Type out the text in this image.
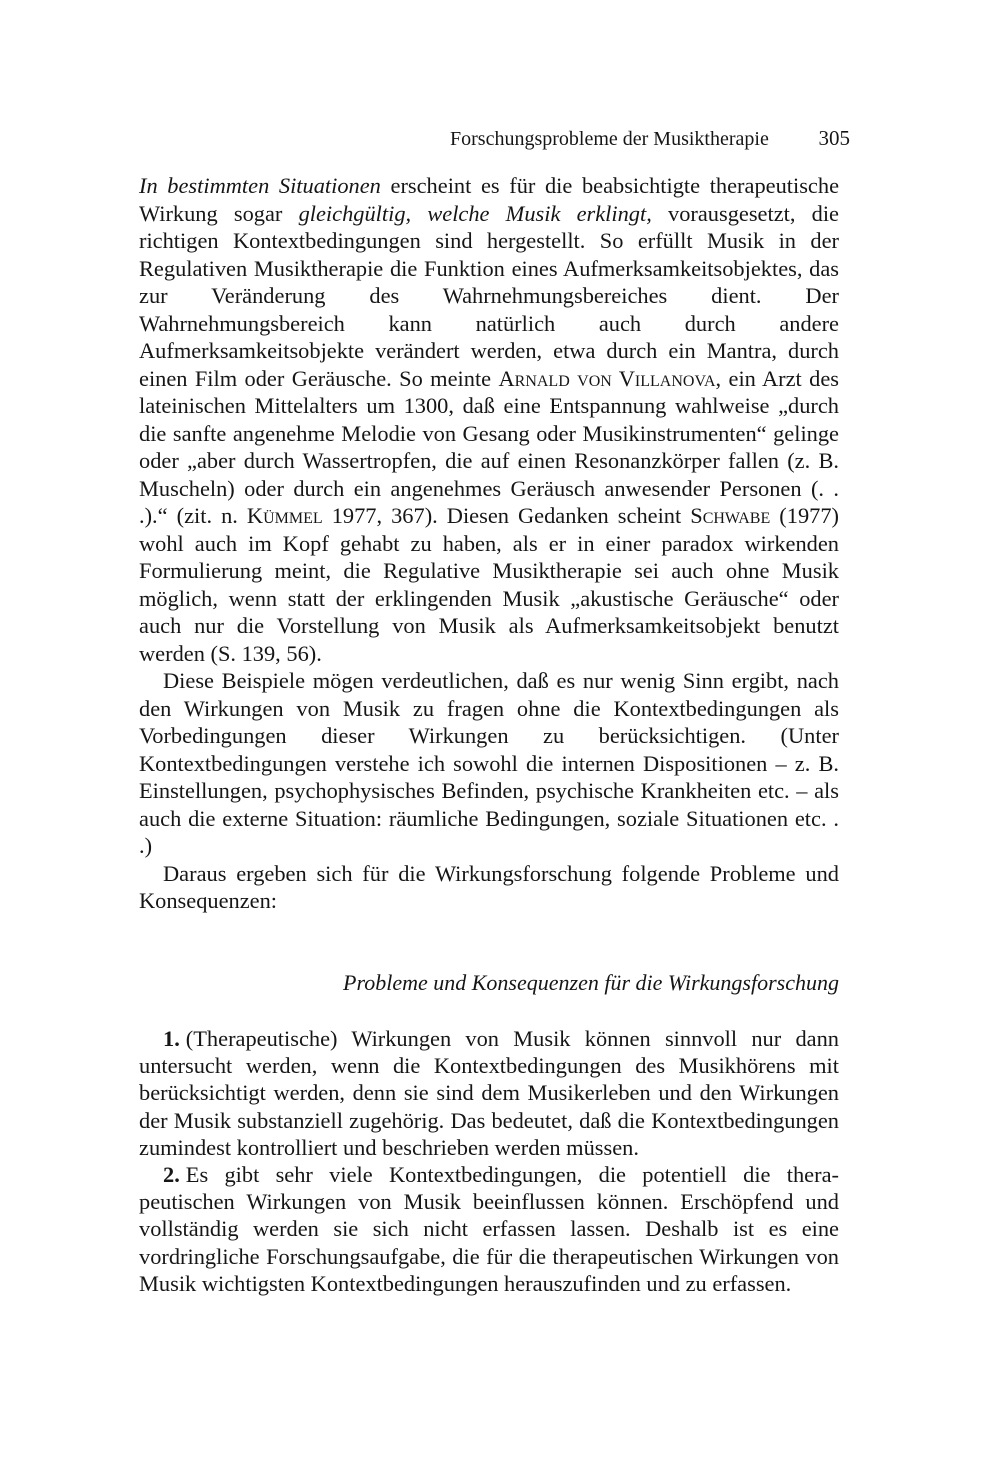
Forschungsprobleme der Musiktherapie 305

In bestimmten Situationen erscheint es für die beabsichtigte therapeutische Wirkung sogar gleichgültig, welche Musik erklingt, vorausgesetzt, die richtigen Kontextbedingungen sind hergestellt. So erfüllt Musik in der Regulativen Musiktherapie die Funktion eines Aufmerksamkeitsobjektes, das zur Veränderung des Wahrnehmungsbereiches dient. Der Wahrnehmungsbereich kann natürlich auch durch andere Aufmerksamkeitsobjekte verändert werden, etwa durch ein Mantra, durch einen Film oder Geräusche. So meinte Arnald von Villanova, ein Arzt des lateinischen Mittelalters um 1300, daß eine Entspannung wahlweise „durch die sanfte angenehme Melodie von Gesang oder Musikinstrumenten“ gelinge oder „aber durch Wassertropfen, die auf einen Resonanzkörper fallen (z. B. Muscheln) oder durch ein angenehmes Geräusch anwesender Personen (. . .).“ (zit. n. Kümmel 1977, 367). Diesen Gedanken scheint Schwabe (1977) wohl auch im Kopf gehabt zu haben, als er in einer paradox wirkenden Formulierung meint, die Regulative Musiktherapie sei auch ohne Musik möglich, wenn statt der erklingenden Musik „akustische Geräusche“ oder auch nur die Vorstellung von Musik als Aufmerksamkeitsobjekt benutzt werden (S. 139, 56).

Diese Beispiele mögen verdeutlichen, daß es nur wenig Sinn ergibt, nach den Wirkungen von Musik zu fragen ohne die Kontextbedingungen als Vorbedingungen dieser Wirkungen zu berücksichtigen. (Unter Kontextbedingungen verstehe ich sowohl die internen Dispositionen – z. B. Einstellungen, psychophysisches Befinden, psychische Krankheiten etc. – als auch die externe Situation: räumliche Bedingungen, soziale Situationen etc. . .)

Daraus ergeben sich für die Wirkungsforschung folgende Probleme und Konsequenzen:

Probleme und Konsequenzen für die Wirkungsforschung

1. (Therapeutische) Wirkungen von Musik können sinnvoll nur dann untersucht werden, wenn die Kontextbedingungen des Musikhörens mit berücksichtigt werden, denn sie sind dem Musikerleben und den Wirkungen der Musik substanziell zugehörig. Das bedeutet, daß die Kontextbedingungen zumindest kontrolliert und beschrieben werden müssen.

2. Es gibt sehr viele Kontextbedingungen, die potentiell die therapeutischen Wirkungen von Musik beeinflussen können. Erschöpfend und vollständig werden sie sich nicht erfassen lassen. Deshalb ist es eine vordringliche Forschungsaufgabe, die für die therapeutischen Wirkungen von Musik wichtigsten Kontextbedingungen herauszufinden und zu erfassen.
